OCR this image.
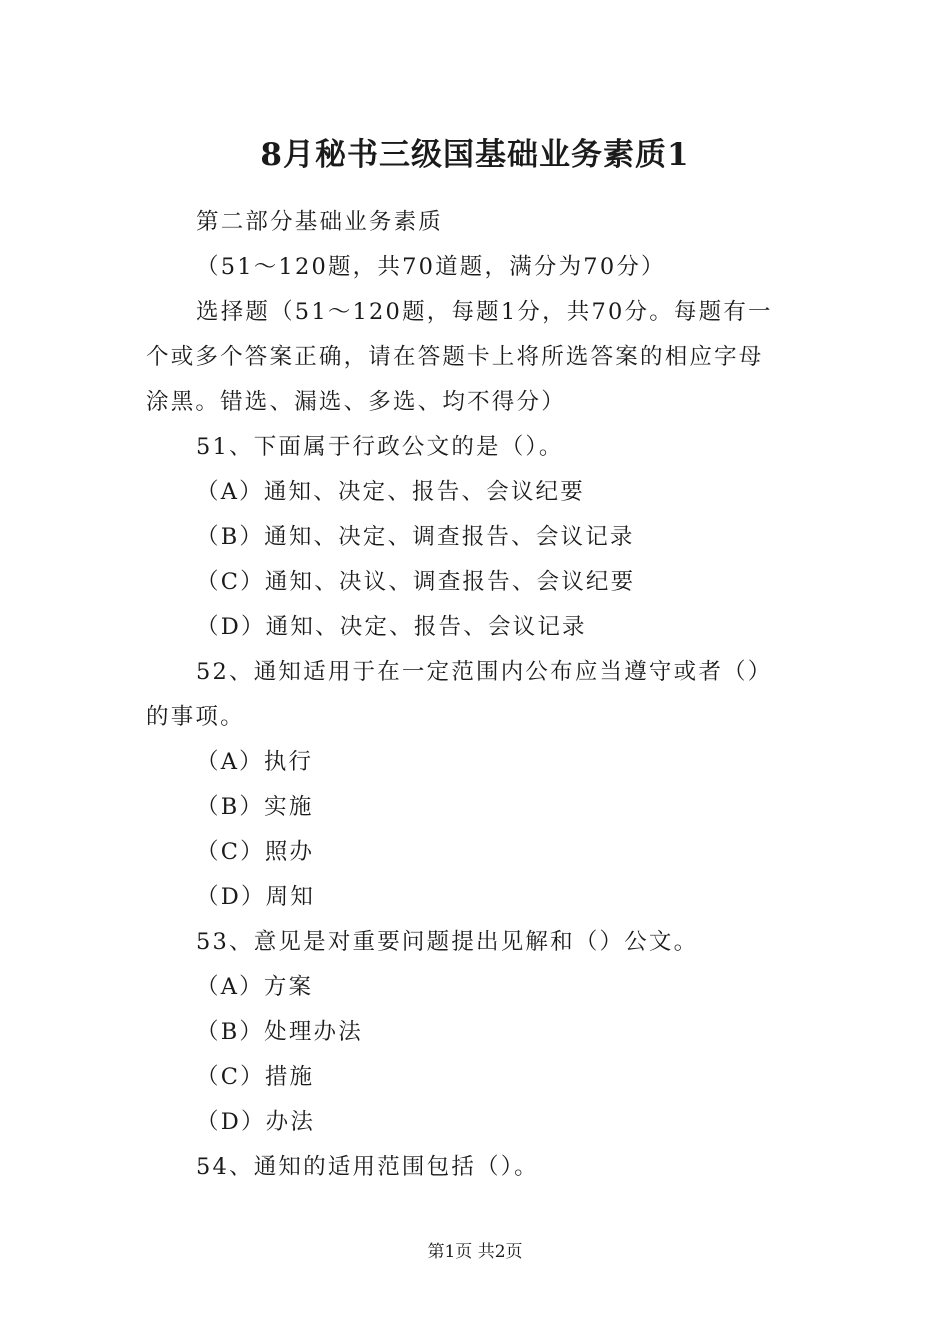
8月秘书三级国基础业务素质1

第二部分基础业务素质

（51～120题，共70道题，满分为70分）

选择题（51～120题，每题1分，共70分。每题有一
个或多个答案正确，请在答题卡上将所选答案的相应字母
涂黑。错选、漏选、多选、均不得分）

51、下面属于行政公文的是（）。

（A）通知、决定、报告、会议纪要

（B）通知、决定、调查报告、会议记录

（C）通知、决议、调查报告、会议纪要

（D）通知、决定、报告、会议记录

52、通知适用于在一定范围内公布应当遵守或者（）
的事项。

（A）执行

（B）实施

（C）照办

（D）周知

53、意见是对重要问题提出见解和（）公文。

（A）方案

（B）处理办法

（C）措施

（D）办法

54、通知的适用范围包括（）。

第1页 共2页
